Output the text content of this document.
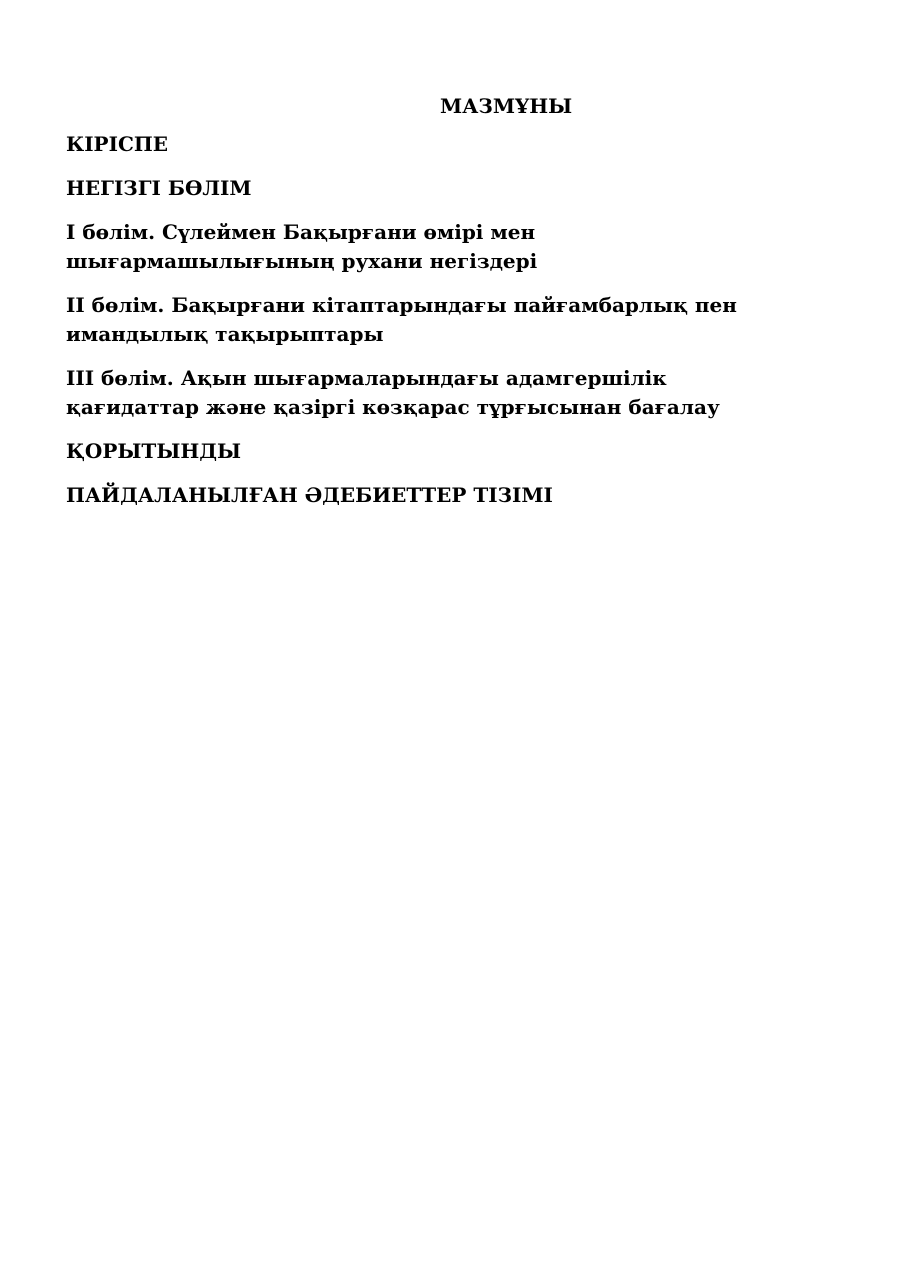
МАЗМҰНЫ
КІРІСПЕ
НЕГІЗГІ БӨЛІМ
І бөлім. Сүлеймен Бақырғани өмірі мен шығармашылығының рухани негіздері
ІІ бөлім. Бақырғани кітаптарындағы пайғамбарлық пен имандылық тақырыптары
ІІІ бөлім. Ақын шығармаларындағы адамгершілік қағидаттар және қазіргі көзқарас тұрғысынан бағалау
ҚОРЫТЫНДЫ
ПАЙДАЛАНЫЛҒАН ӘДЕБИЕТТЕР ТІЗІМІ
